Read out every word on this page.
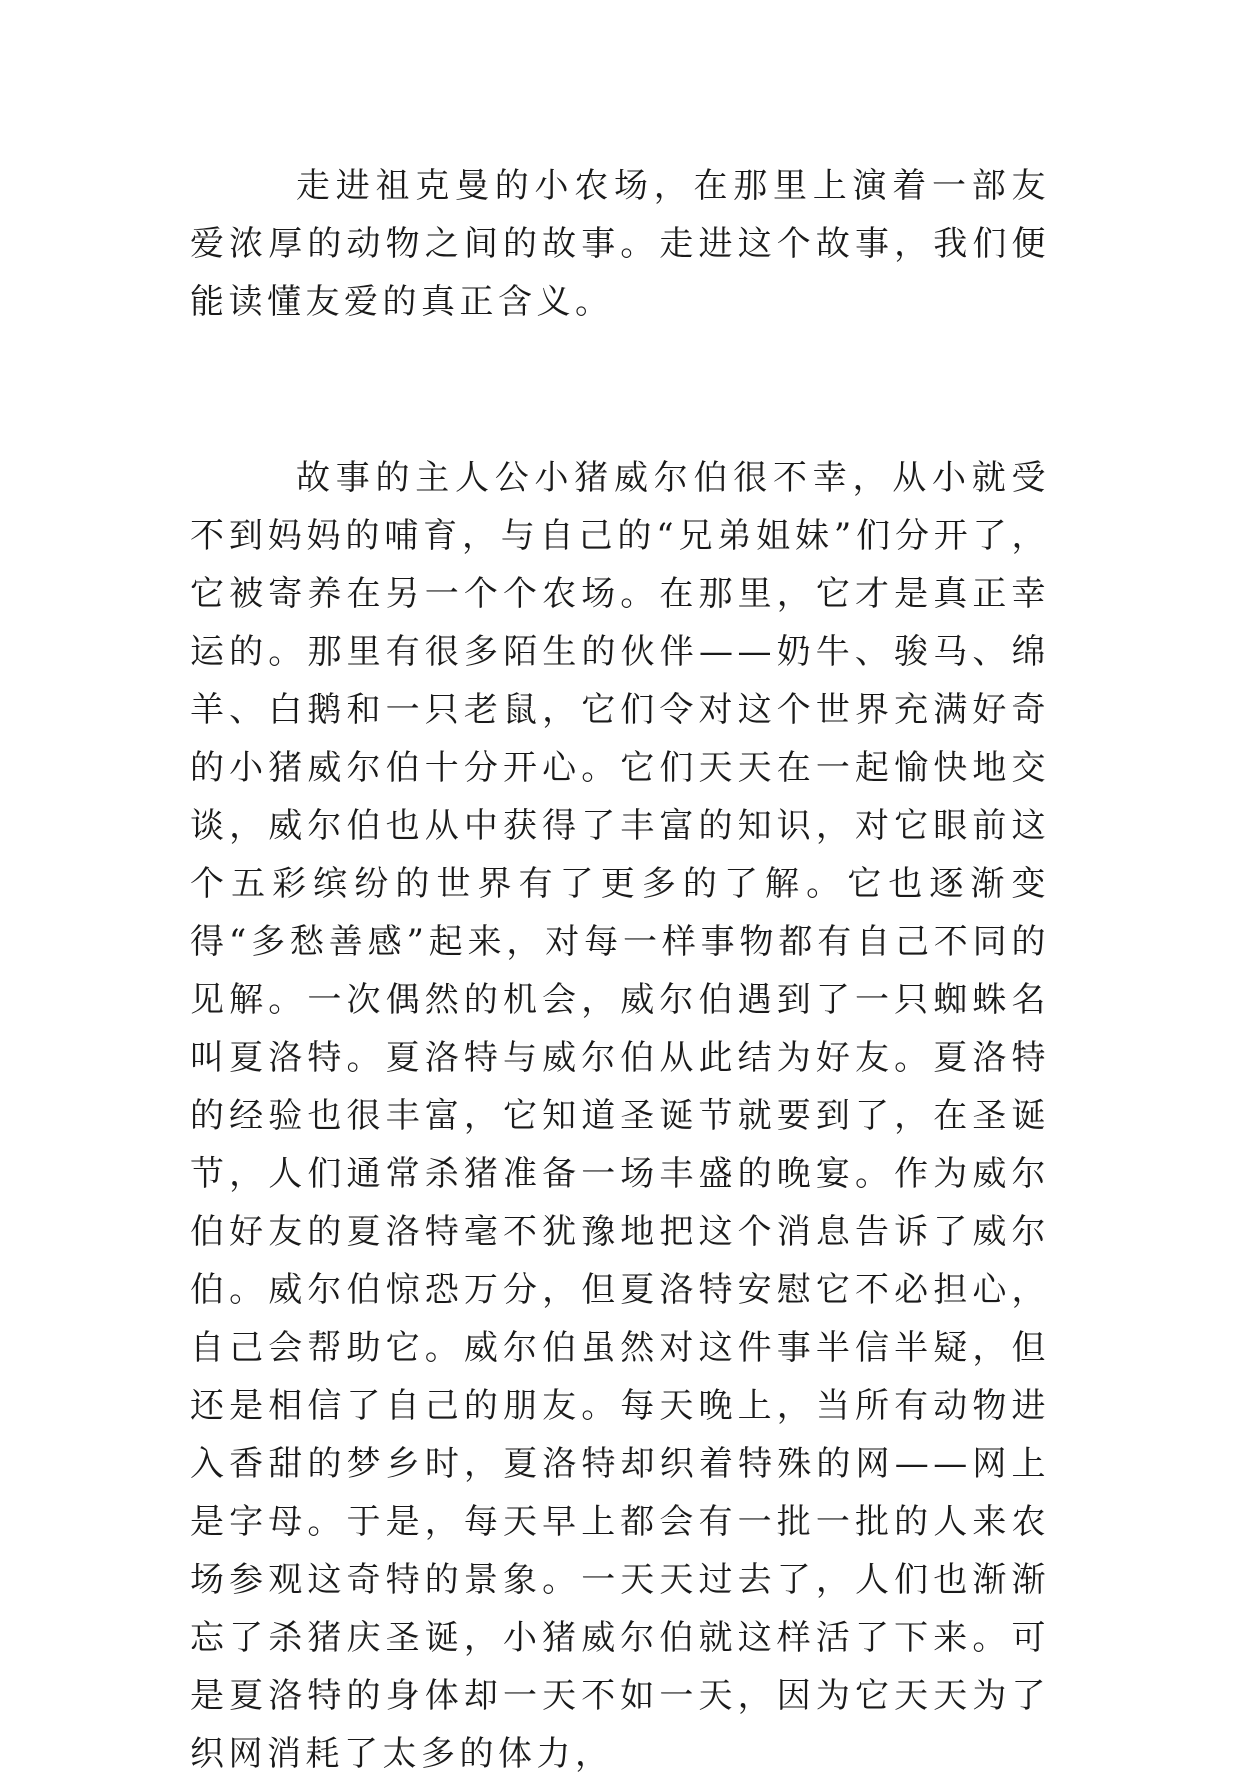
走进祖克曼的小农场，在那里上演着一部友爱浓厚的动物之间的故事。走进这个故事，我们便能读懂友爱的真正含义。

故事的主人公小猪威尔伯很不幸，从小就受不到妈妈的哺育，与自己的“兄弟姐妹”们分开了，它被寄养在另一个个农场。在那里，它才是真正幸运的。那里有很多陌生的伙伴——奶牛、骏马、绵羊、白鹅和一只老鼠，它们令对这个世界充满好奇的小猪威尔伯十分开心。它们天天在一起愉快地交谈，威尔伯也从中获得了丰富的知识，对它眼前这个五彩缤纷的世界有了更多的了解。它也逐渐变得“多愁善感”起来，对每一样事物都有自己不同的见解。一次偶然的机会，威尔伯遇到了一只蜘蛛名叫夏洛特。夏洛特与威尔伯从此结为好友。夏洛特的经验也很丰富，它知道圣诞节就要到了，在圣诞节，人们通常杀猪准备一场丰盛的晚宴。作为威尔伯好友的夏洛特毫不犹豫地把这个消息告诉了威尔伯。威尔伯惊恐万分，但夏洛特安慰它不必担心，自己会帮助它。威尔伯虽然对这件事半信半疑，但还是相信了自己的朋友。每天晚上，当所有动物进入香甜的梦乡时，夏洛特却织着特殊的网——网上是字母。于是，每天早上都会有一批一批的人来农场参观这奇特的景象。一天天过去了，人们也渐渐忘了杀猪庆圣诞，小猪威尔伯就这样活了下来。可是夏洛特的身体却一天不如一天，因为它天天为了织网消耗了太多的体力，
